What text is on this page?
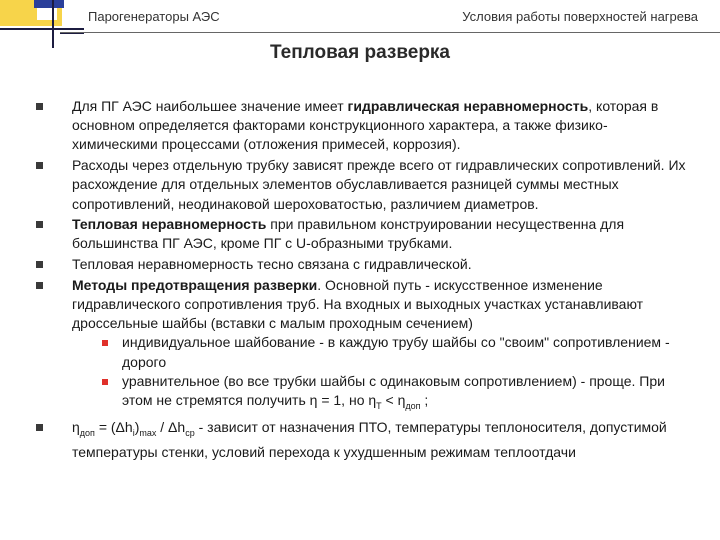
Парогенераторы АЭС	Условия работы поверхностей нагрева
Тепловая разверка
Для ПГ АЭС наибольшее значение имеет гидравлическая неравномерность, которая в основном определяется факторами конструкционного характера, а также физико-химическими процессами (отложения примесей, коррозия).
Расходы через отдельную трубку зависят прежде всего от гидравлических сопротивлений. Их расхождение для отдельных элементов обуславливается разницей суммы местных сопротивлений, неодинаковой шероховатостью, различием диаметров.
Тепловая неравномерность при правильном конструировании несущественна для большинства ПГ АЭС, кроме ПГ с U-образными трубками.
Тепловая неравномерность тесно связана с гидравлической.
Методы предотвращения разверки. Основной путь - искусственное изменение гидравлического сопротивления труб. На входных и выходных участках устанавливают дроссельные шайбы (вставки с малым проходным сечением)
индивидуальное шайбование - в каждую трубу шайбы со "своим" сопротивлением - дорого
уравнительное (во все трубки шайбы с одинаковым сопротивлением) - проще. При этом не стремятся получить η = 1, но $\eta_Т < \eta_{доп}$ ;
$\eta_{доп} = (\Delta h_i)_{max} / \Delta h_{ср}$ - зависит от назначения ПТО, температуры теплоносителя, допустимой температуры стенки, условий перехода к ухудшенным режимам теплоотдачи
